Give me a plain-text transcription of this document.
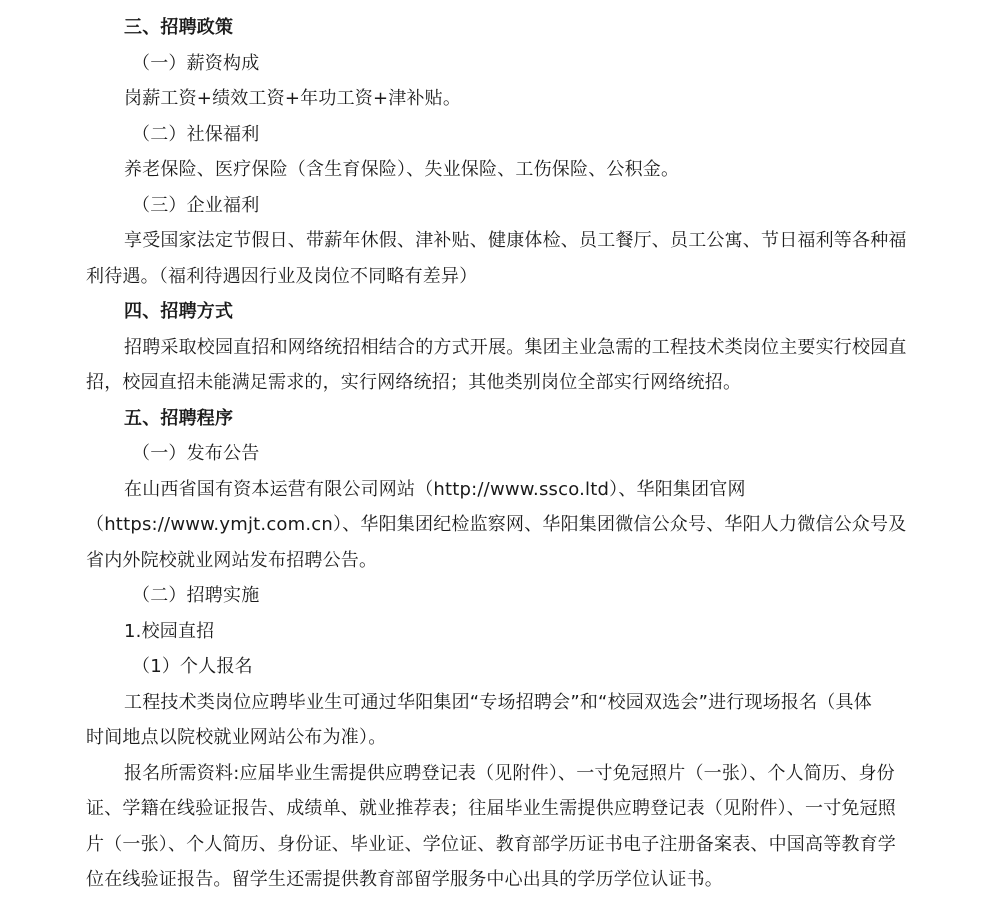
三、招聘政策
（一）薪资构成
岗薪工资+绩效工资+年功工资+津补贴。
（二）社保福利
养老保险、医疗保险（含生育保险）、失业保险、工伤保险、公积金。
（三）企业福利
享受国家法定节假日、带薪年休假、津补贴、健康体检、员工餐厅、员工公寓、节日福利等各种福
利待遇。（福利待遇因行业及岗位不同略有差异）
四、招聘方式
招聘采取校园直招和网络统招相结合的方式开展。集团主业急需的工程技术类岗位主要实行校园直
招，校园直招未能满足需求的，实行网络统招；其他类别岗位全部实行网络统招。
五、招聘程序
（一）发布公告
在山西省国有资本运营有限公司网站（http://www.ssco.ltd）、华阳集团官网
（https://www.ymjt.com.cn）、华阳集团纪检监察网、华阳集团微信公众号、华阳人力微信公众号及
省内外院校就业网站发布招聘公告。
（二）招聘实施
1.校园直招
（1）个人报名
工程技术类岗位应聘毕业生可通过华阳集团“专场招聘会”和“校园双选会”进行现场报名（具体
时间地点以院校就业网站公布为准）。
报名所需资料:应届毕业生需提供应聘登记表（见附件）、一寸免冠照片（一张）、个人简历、身份
证、学籍在线验证报告、成绩单、就业推荐表；往届毕业生需提供应聘登记表（见附件）、一寸免冠照
片（一张）、个人简历、身份证、毕业证、学位证、教育部学历证书电子注册备案表、中国高等教育学
位在线验证报告。留学生还需提供教育部留学服务中心出具的学历学位认证书。
